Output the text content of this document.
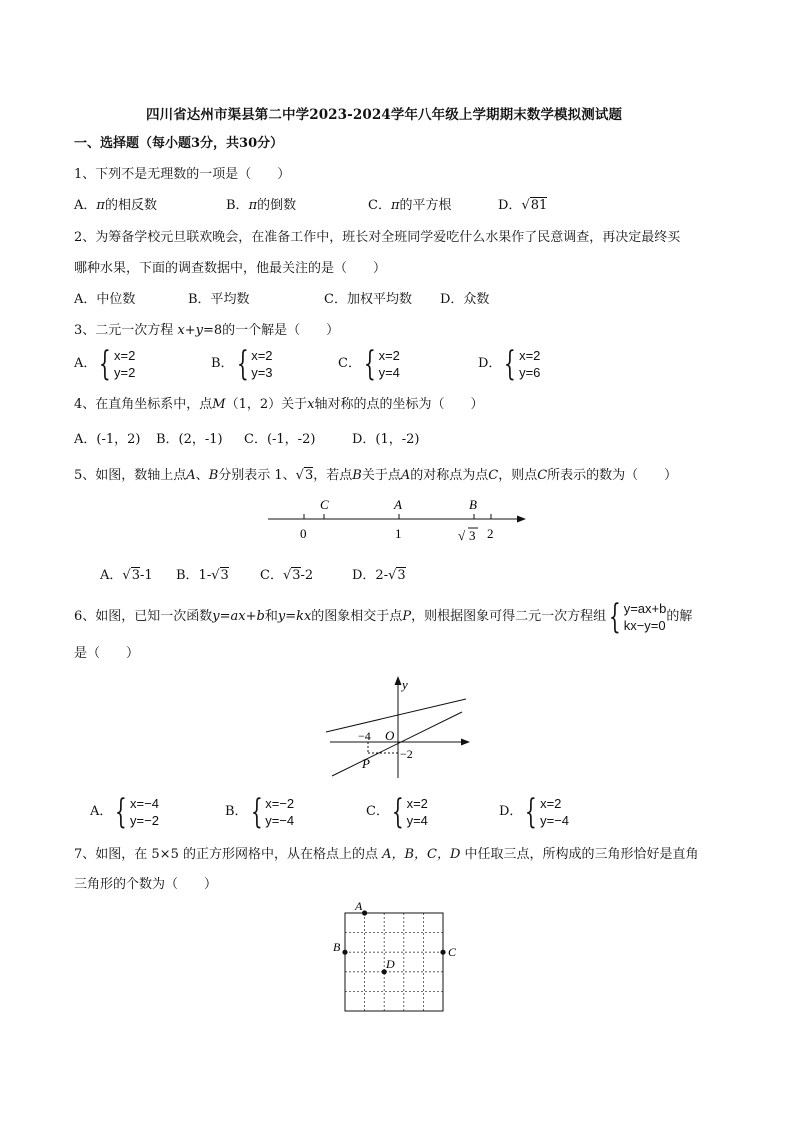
四川省达州市渠县第二中学2023-2024学年八年级上学期期末数学模拟测试题
一、选择题（每小题3分，共30分）
1、下列不是无理数的一项是（　　）
A．π的相反数	B．π的倒数	C．π的平方根	D．√81
2、为筹备学校元旦联欢晚会，在准备工作中，班长对全班同学爱吃什么水果作了民意调查，再决定最终买
哪种水果，下面的调查数据中，他最关注的是（　　）
A．中位数	B．平均数	C．加权平均数 D．众数
3、二元一次方程 x+y=8的一个解是（　　）
A． { x=2
y=2
B． { x=2
y=3
C． { x=2
y=4
D． { x=2
y=6
4、在直角坐标系中，点M（1，2）关于x轴对称的点的坐标为（　　）
A．(-1，2) B．(2，-1) C．(-1，-2)	D．(1，-2)
5、如图，数轴上点A、B分别表示 1、√3，若点B关于点A的对称点为点C，则点C所表示的数为（　　）
C	A	B
0	1	√ 3 2
A．√3-1 B．1-√3 C．√3-2	D．2-√3
6、如图，已知一次函数 y=ax+b 和 y=kx 的图象相交于点 P ，则根据图象可得二元一次方程组 { y=ax+b
kx−y=0
的解
是（　　）
y
O
−4
−2
P
A． { x=−4
y=−2
B． { x=−2
y=−4
C． { x=2
y=4
D． { x=2
y=−4
7、如图，在 5×5 的正方形网格中，从在格点上的点 A，B，C，D 中任取三点，所构成的三角形恰好是直角
三角形的个数为（　　）
A
B	C
D
